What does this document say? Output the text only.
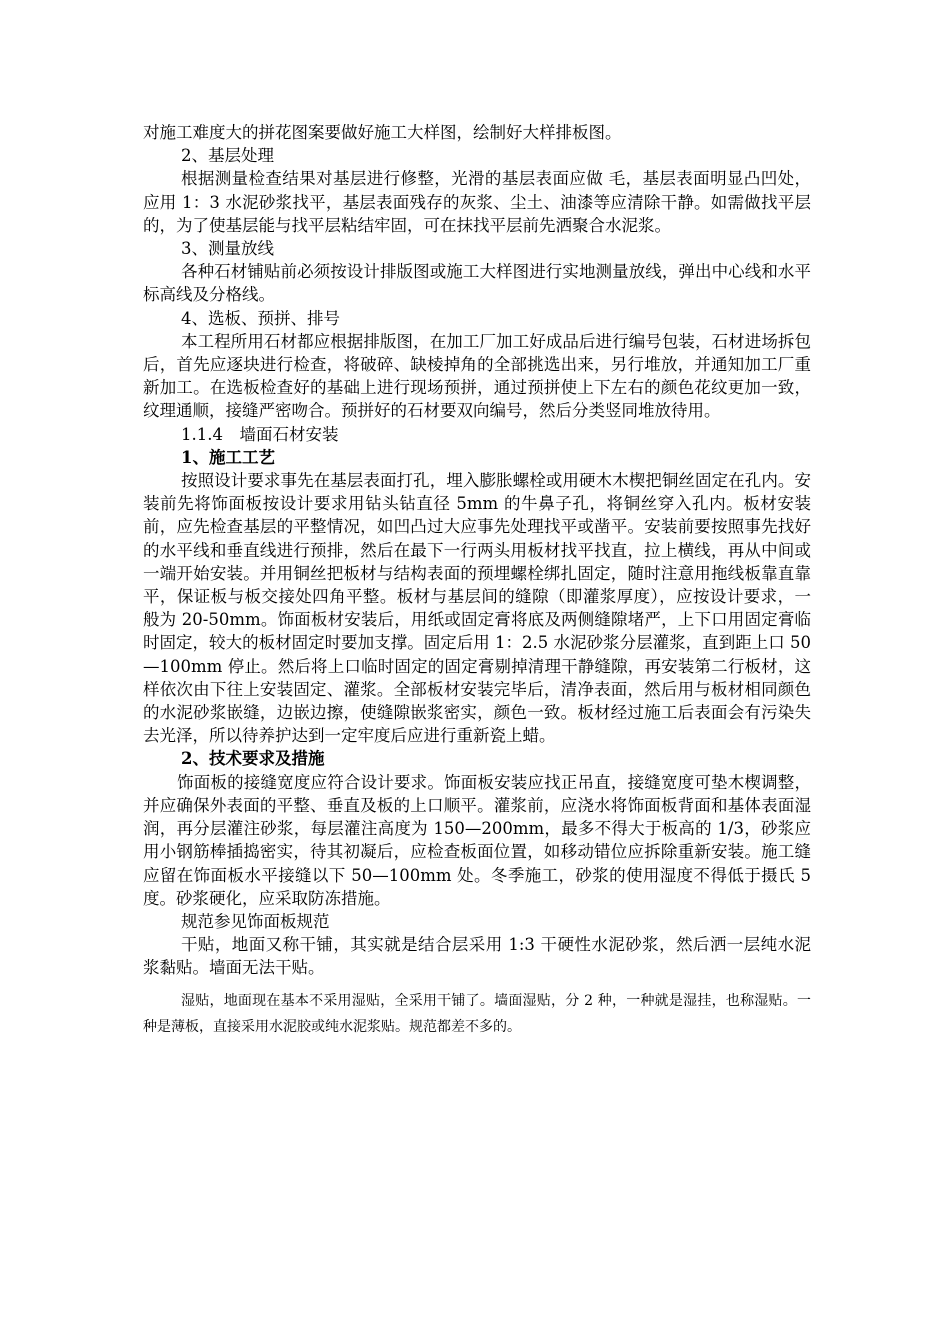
对施工难度大的拼花图案要做好施工大样图，绘制好大样排板图。

2、基层处理

根据测量检查结果对基层进行修整，光滑的基层表面应做 毛，基层表面明显凸凹处，应用 1：3 水泥砂浆找平，基层表面残存的灰浆、尘土、油漆等应清除干静。如需做找平层的，为了使基层能与找平层粘结牢固，可在抹找平层前先洒聚合水泥浆。

3、测量放线

各种石材铺贴前必须按设计排版图或施工大样图进行实地测量放线，弹出中心线和水平标高线及分格线。

4、选板、预拼、排号

本工程所用石材都应根据排版图，在加工厂加工好成品后进行编号包装，石材进场拆包后，首先应逐块进行检查，将破碎、缺棱掉角的全部挑选出来，另行堆放，并通知加工厂重新加工。在选板检查好的基础上进行现场预拼，通过预拼使上下左右的颜色花纹更加一致，纹理通顺，接缝严密吻合。预拼好的石材要双向编号，然后分类竖同堆放待用。

1.1.4　墙面石材安装

1、施工工艺

按照设计要求事先在基层表面打孔，埋入膨胀螺栓或用硬木木楔把铜丝固定在孔内。安装前先将饰面板按设计要求用钻头钻直径 5mm 的牛鼻子孔，将铜丝穿入孔内。板材安装前，应先检查基层的平整情况，如凹凸过大应事先处理找平或凿平。安装前要按照事先找好的水平线和垂直线进行预排，然后在最下一行两头用板材找平找直，拉上横线，再从中间或一端开始安装。并用铜丝把板材与结构表面的预埋螺栓绑扎固定，随时注意用拖线板靠直靠平，保证板与板交接处四角平整。板材与基层间的缝隙（即灌浆厚度），应按设计要求，一般为 20-50mm。饰面板材安装后，用纸或固定膏将底及两侧缝隙堵严，上下口用固定膏临时固定，较大的板材固定时要加支撑。固定后用 1：2.5 水泥砂浆分层灌浆，直到距上口 50—100mm 停止。然后将上口临时固定的固定膏剔掉清理干静缝隙，再安装第二行板材，这样依次由下往上安装固定、灌浆。全部板材安装完毕后，清净表面，然后用与板材相同颜色的水泥砂浆嵌缝，边嵌边擦，使缝隙嵌浆密实，颜色一致。板材经过施工后表面会有污染失去光泽，所以待养护达到一定牢度后应进行重新瓷上蜡。

2、技术要求及措施

饰面板的接缝宽度应符合设计要求。饰面板安装应找正吊直，接缝宽度可垫木楔调整，并应确保外表面的平整、垂直及板的上口顺平。灌浆前，应浇水将饰面板背面和基体表面湿润，再分层灌注砂浆，每层灌注高度为 150—200mm，最多不得大于板高的 1/3，砂浆应用小钢筋棒插捣密实，待其初凝后，应检查板面位置，如移动错位应拆除重新安装。施工缝应留在饰面板水平接缝以下 50—100mm 处。冬季施工，砂浆的使用湿度不得低于摄氏 5 度。砂浆硬化，应采取防冻措施。

规范参见饰面板规范

干贴，地面又称干铺，其实就是结合层采用 1:3 干硬性水泥砂浆，然后洒一层纯水泥浆黏贴。墙面无法干贴。

湿贴，地面现在基本不采用湿贴，全采用干铺了。墙面湿贴，分 2 种，一种就是湿挂，也称湿贴。一种是薄板，直接采用水泥胶或纯水泥浆贴。规范都差不多的。
